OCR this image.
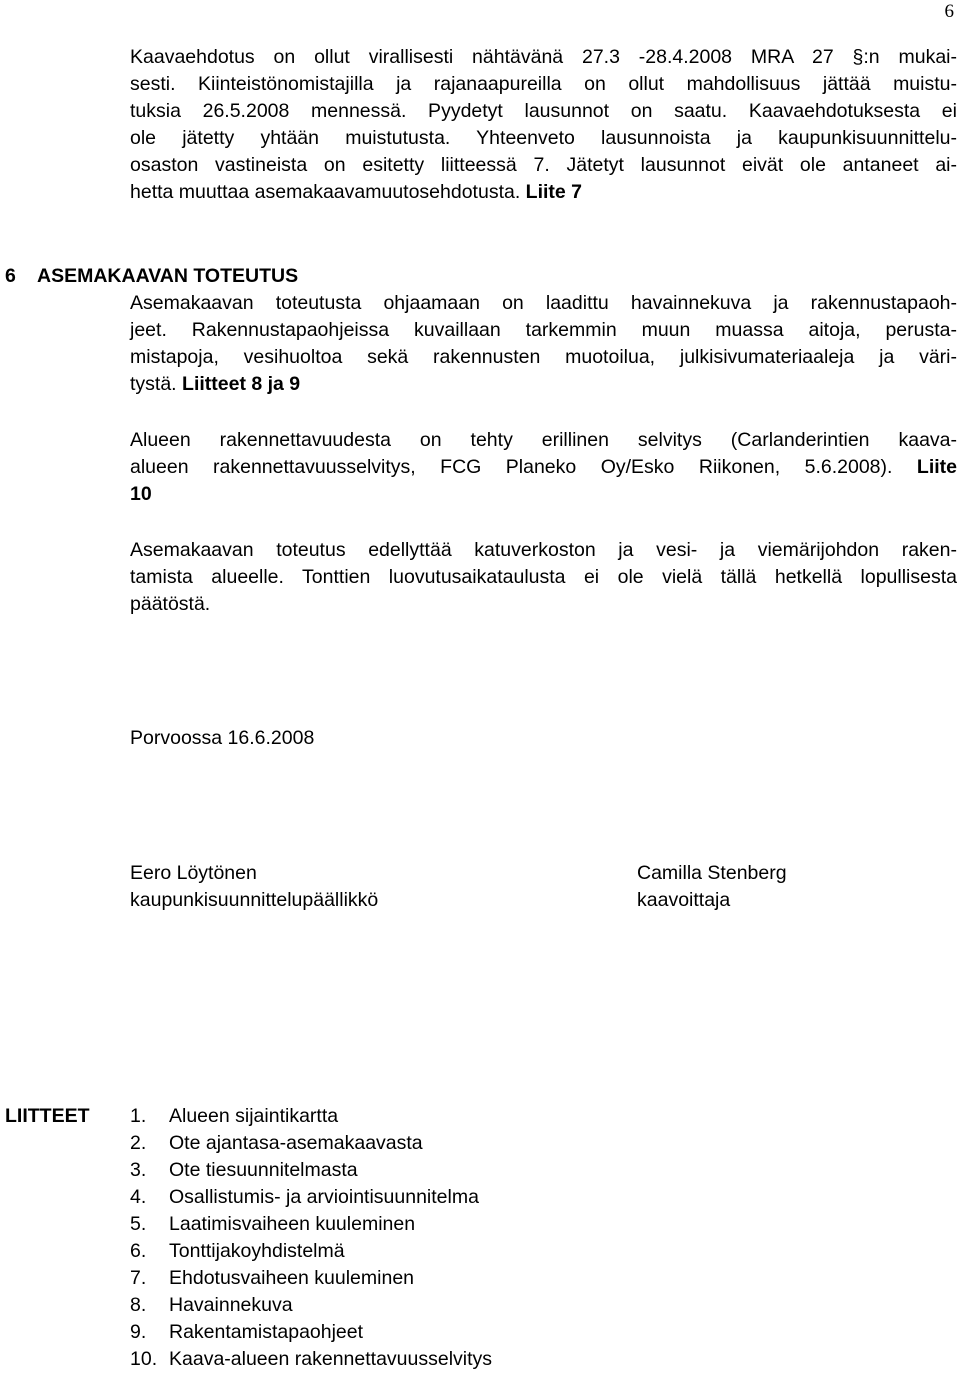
6
Kaavaehdotus on ollut virallisesti nähtävänä 27.3 -28.4.2008 MRA 27 §:n mukai-
sesti. Kiinteistönomistajilla ja rajanaapureilla on ollut mahdollisuus jättää muistu-
tuksia 26.5.2008 mennessä. Pyydetyt lausunnot on saatu. Kaavaehdotuksesta ei
ole jätetty yhtään muistutusta. Yhteenveto lausunnoista ja kaupunkisuunnittelu-
osaston vastineista on esitetty liitteessä 7. Jätetyt lausunnot eivät ole antaneet ai-
hetta muuttaa asemakaavamuutosehdotusta. Liite 7
6 ASEMAKAAVAN TOTEUTUS
Asemakaavan toteutusta ohjaamaan on laadittu havainnekuva ja rakennustapaoh-
jeet. Rakennustapaohjeissa kuvaillaan tarkemmin muun muassa aitoja, perusta-
mistapoja, vesihuoltoa sekä rakennusten muotoilua, julkisivumateriaaleja ja väri-
tystä. Liitteet 8 ja 9
Alueen rakennettavuudesta on tehty erillinen selvitys (Carlanderintien kaava-
alueen rakennettavuusselvitys, FCG Planeko Oy/Esko Riikonen, 5.6.2008). Liite
10
Asemakaavan toteutus edellyttää katuverkoston ja vesi- ja viemärijohdon raken-
tamista alueelle. Tonttien luovutusaikataulusta ei ole vielä tällä hetkellä lopullisesta
päätöstä.
Porvoossa 16.6.2008
Eero Löytönen
kaupunkisuunnittelupäällikkö
Camilla Stenberg
kaavoittaja
LIITTEET 1. Alueen sijaintikartta
2. Ote ajantasa-asemakaavasta
3. Ote tiesuunnitelmasta
4. Osallistumis- ja arviointisuunnitelma
5. Laatimisvaiheen kuuleminen
6. Tonttijakoyhdistelmä
7. Ehdotusvaiheen kuuleminen
8. Havainnekuva
9. Rakentamistapaohjeet
10. Kaava-alueen rakennettavuusselvitys
